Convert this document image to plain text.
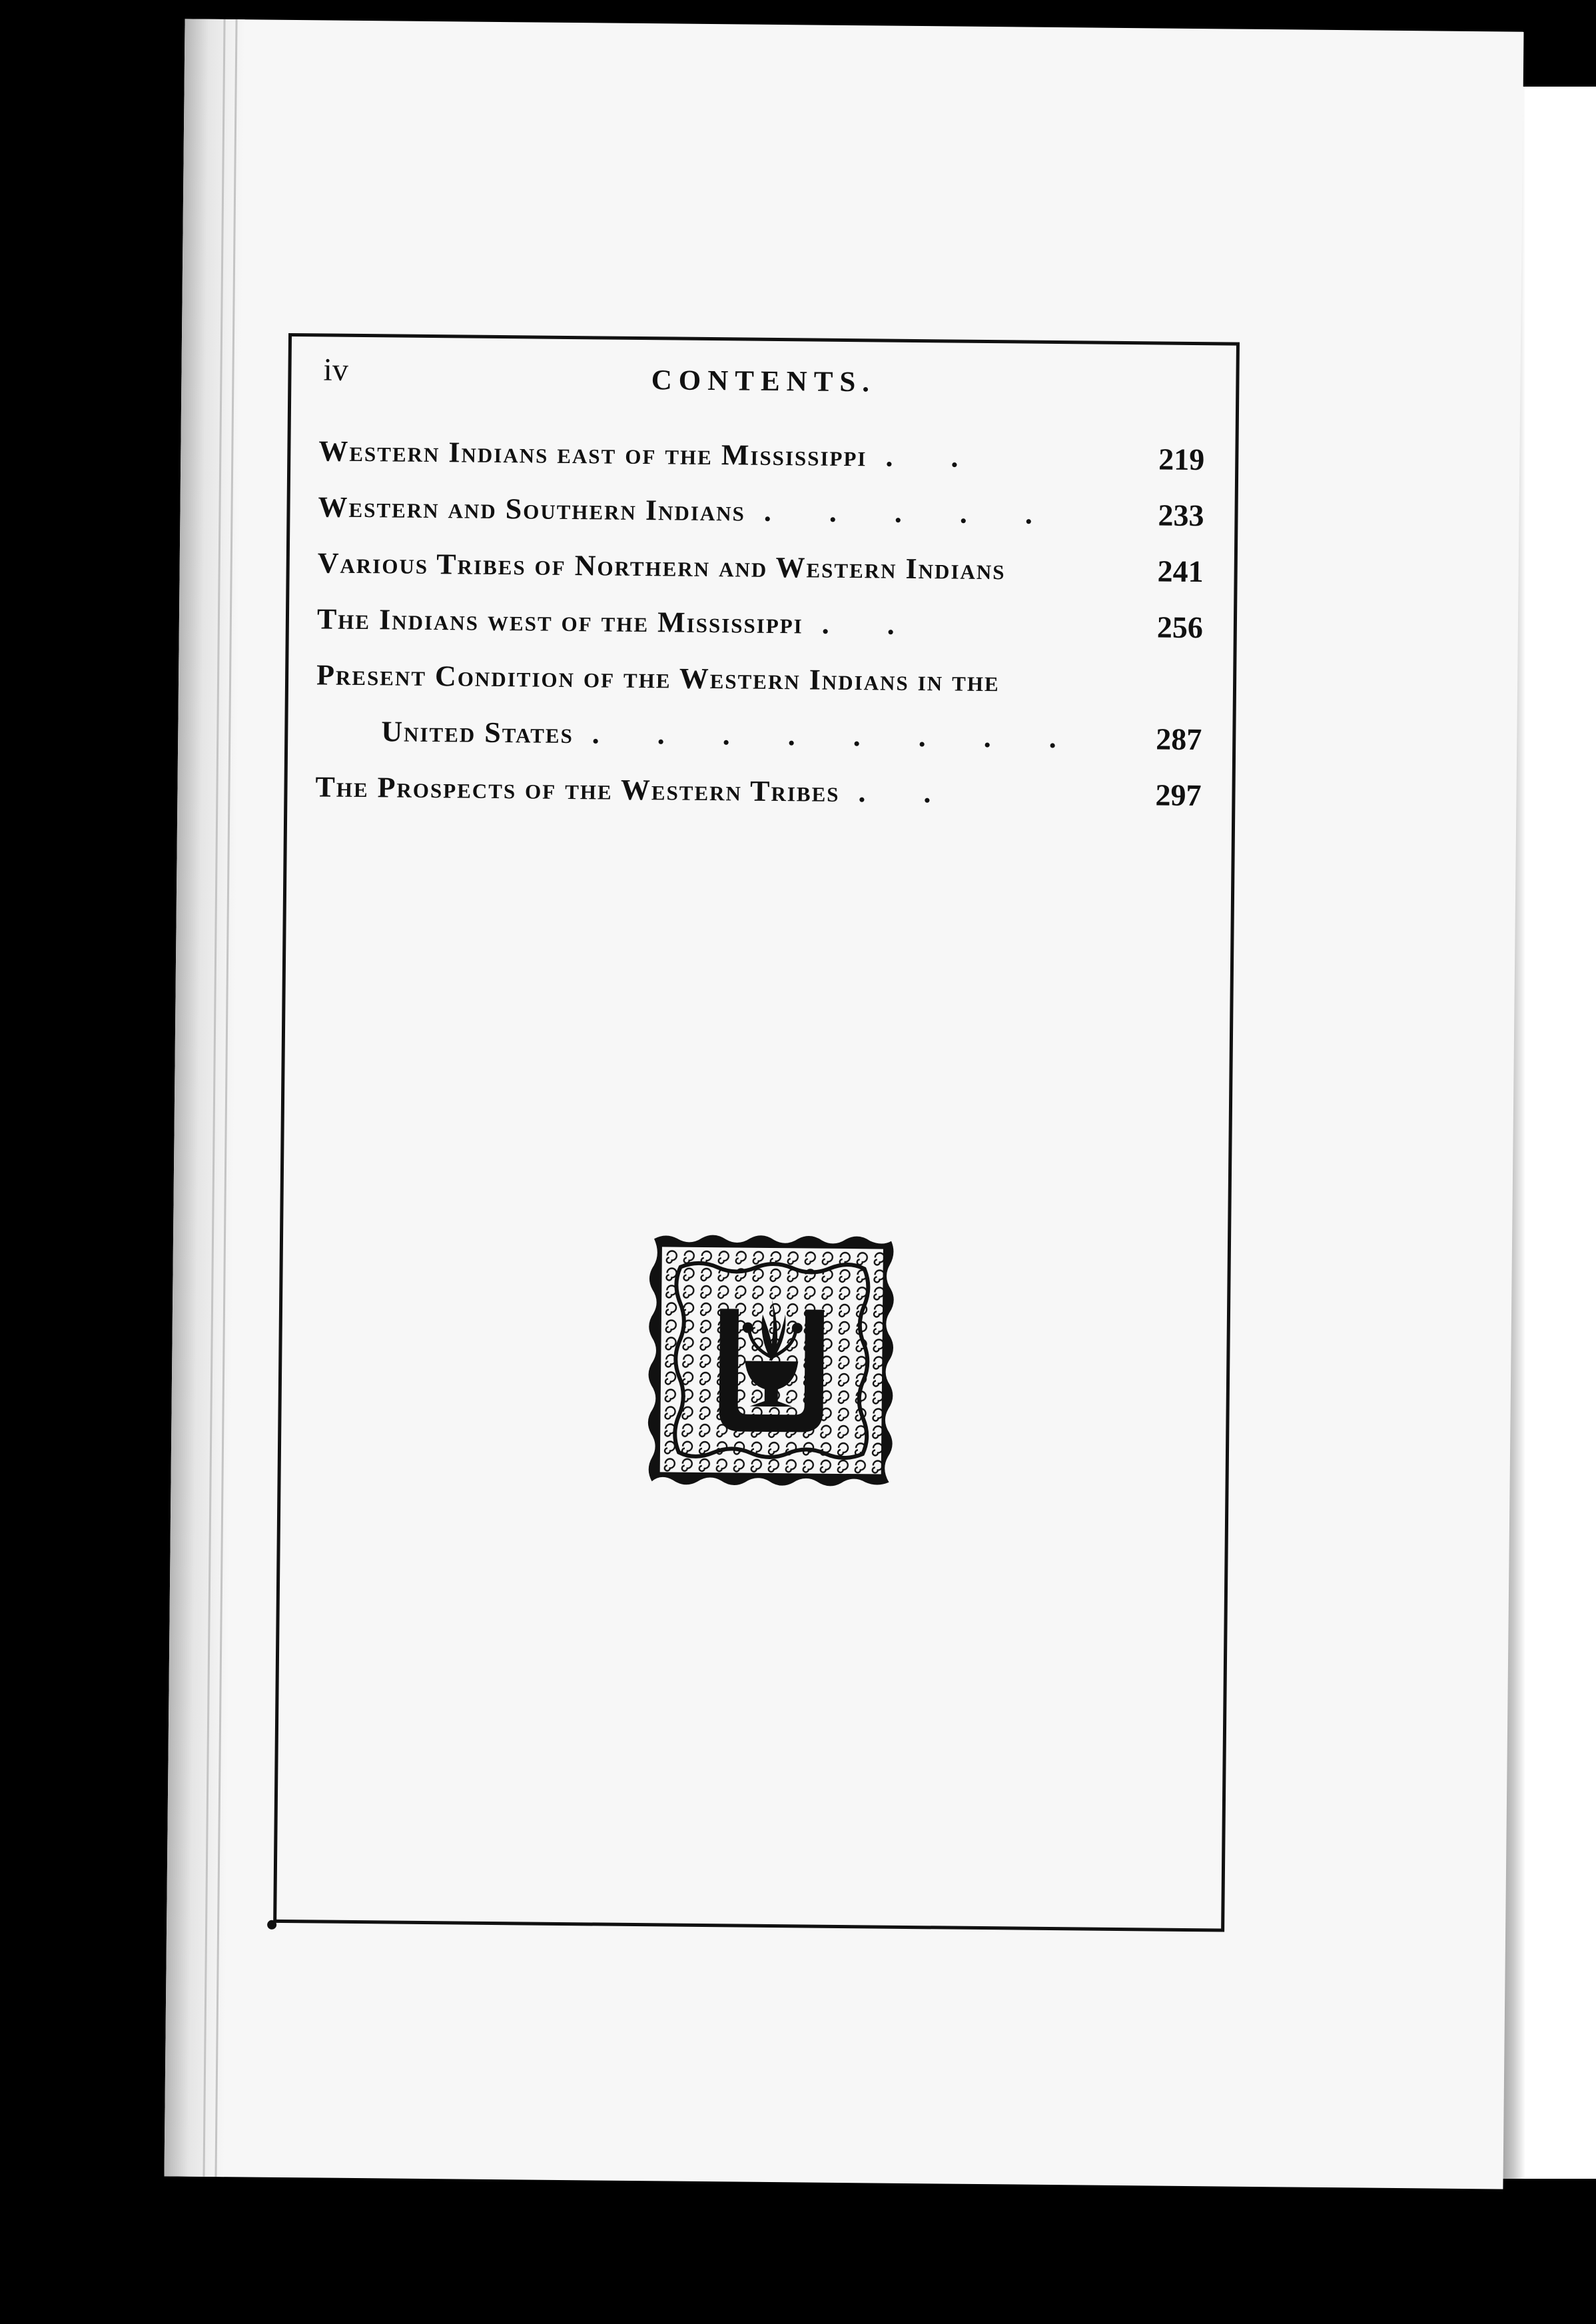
iv	CONTENTS.
Western Indians east of the Mississippi . .	219
Western and Southern Indians . . . . .	233
Various Tribes of Northern and Western Indians	241
The Indians west of the Mississippi . .	256
Present Condition of the Western Indians in the
United States . . . . . . . .	287
The Prospects of the Western Tribes . .	297
